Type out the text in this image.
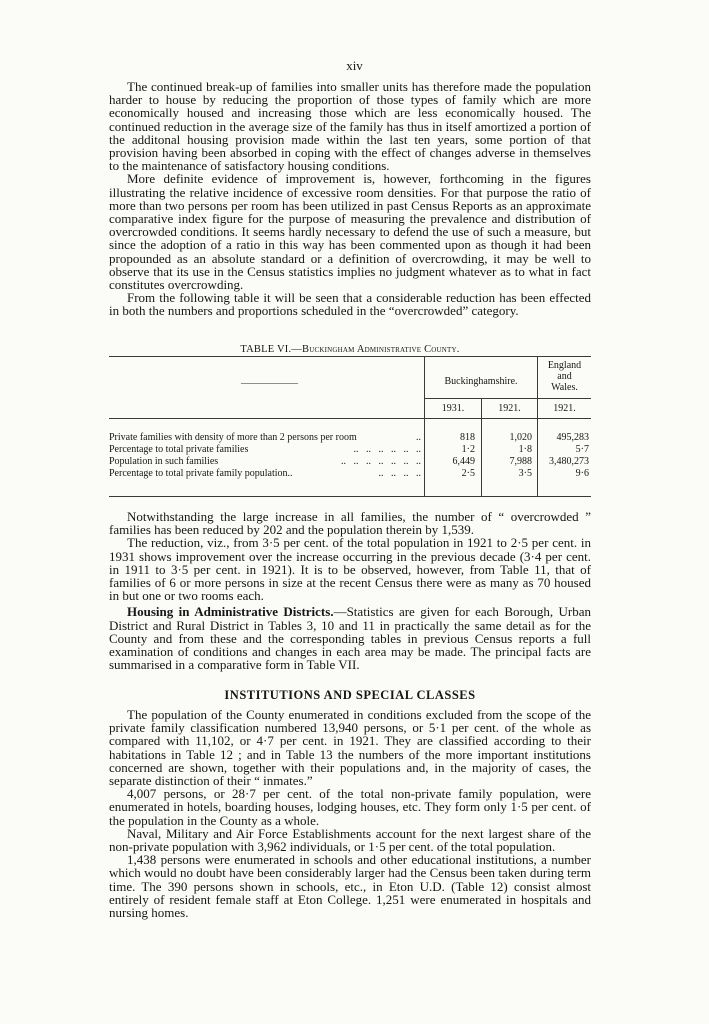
xiv

The continued break-up of families into smaller units has therefore made the population harder to house by reducing the proportion of those types of family which are more economically housed and increasing those which are less economically housed. The continued reduction in the average size of the family has thus in itself amortized a portion of the additonal housing provision made within the last ten years, some portion of that provision having been absorbed in coping with the effect of changes adverse in themselves to the maintenance of satisfactory housing conditions.

More definite evidence of improvement is, however, forthcoming in the figures illustrating the relative incidence of excessive room densities. For that purpose the ratio of more than two persons per room has been utilized in past Census Reports as an approximate comparative index figure for the purpose of measuring the prevalence and distribution of overcrowded conditions. It seems hardly necessary to defend the use of such a measure, but since the adoption of a ratio in this way has been commented upon as though it had been propounded as an absolute standard or a definition of overcrowding, it may be well to observe that its use in the Census statistics implies no judgment whatever as to what in fact constitutes overcrowding.

From the following table it will be seen that a considerable reduction has been effected in both the numbers and proportions scheduled in the “overcrowded” category.

TABLE VI.—Buckingham Administrative County.
———————	Buckinghamshire.
England
and
Wales.
1931.	1921.	1921.
Private families with density of more than 2 persons per room	..	818	1,020	495,283
Percentage to total private families	..   ..   ..   ..   ..   ..	1·2	1·8	5·7
Population in such families	..   ..   ..   ..   ..   ..   ..	6,449	7,988	3,480,273
Percentage to total private family population..	..   ..   ..   ..	2·5	3·5	9·6

Notwithstanding the large increase in all families, the number of “ overcrowded ” families has been reduced by 202 and the population therein by 1,539.

The reduction, viz., from 3·5 per cent. of the total population in 1921 to 2·5 per cent. in 1931 shows improvement over the increase occurring in the previous decade (3·4 per cent. in 1911 to 3·5 per cent. in 1921). It is to be observed, however, from Table 11, that of families of 6 or more persons in size at the recent Census there were as many as 70 housed in but one or two rooms each.

Housing in Administrative Districts.—Statistics are given for each Borough, Urban District and Rural District in Tables 3, 10 and 11 in practically the same detail as for the County and from these and the corresponding tables in previous Census reports a full examination of conditions and changes in each area may be made. The principal facts are summarised in a comparative form in Table VII.

INSTITUTIONS AND SPECIAL CLASSES

The population of the County enumerated in conditions excluded from the scope of the private family classification numbered 13,940 persons, or 5·1 per cent. of the whole as compared with 11,102, or 4·7 per cent. in 1921. They are classified according to their habitations in Table 12 ; and in Table 13 the numbers of the more important institutions concerned are shown, together with their populations and, in the majority of cases, the separate distinction of their “ inmates.”

4,007 persons, or 28·7 per cent. of the total non-private family population, were enumerated in hotels, boarding houses, lodging houses, etc. They form only 1·5 per cent. of the population in the County as a whole.

Naval, Military and Air Force Establishments account for the next largest share of the non-private population with 3,962 individuals, or 1·5 per cent. of the total population.

1,438 persons were enumerated in schools and other educational institutions, a number which would no doubt have been considerably larger had the Census been taken during term time. The 390 persons shown in schools, etc., in Eton U.D. (Table 12) consist almost entirely of resident female staff at Eton College. 1,251 were enumerated in hospitals and nursing homes.
